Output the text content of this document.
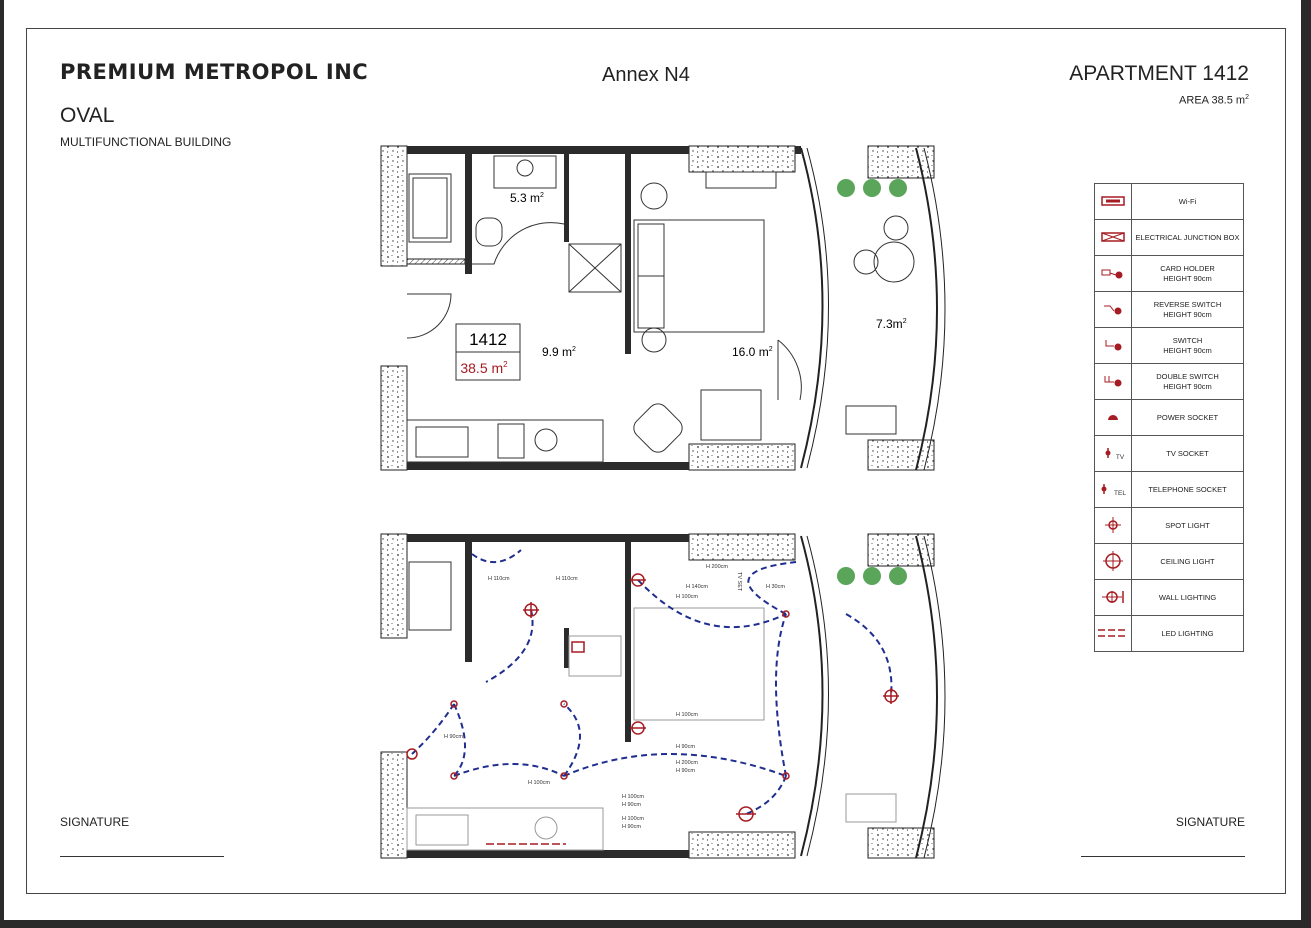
PREMIUM METROPOL INC
OVAL
MULTIFUNCTIONAL BUILDING
Annex N4	APARTMENT 1412
AREA 38.5 $m^2$
5.3 $m^2$
9.9 $m^2$	16.0 $m^2$
$7.3m^2$
1412
38.5 $m^2$
H 110cm	H 110cm
H 90cm
H 140cm
H 100cm
H 30cm
H 100cm
H 90cm
H 200cm
H 90cm
H 100cm
H 100cm
H 90cm
H 100cm
H 90cm
H 200cm
TV SET

Wi-Fi

ELECTRICAL JUNCTION BOX

CARD HOLDER
HEIGHT 90cm

REVERSE SWITCH
HEIGHT 90cm

SWITCH
HEIGHT 90cm

DOUBLE SWITCH
HEIGHT 90cm

POWER SOCKET

TV	TV SOCKET

TEL	TELEPHONE SOCKET

SPOT LIGHT

CEILING LIGHT

WALL LIGHTING

LED LIGHTING
SIGNATURE	SIGNATURE
